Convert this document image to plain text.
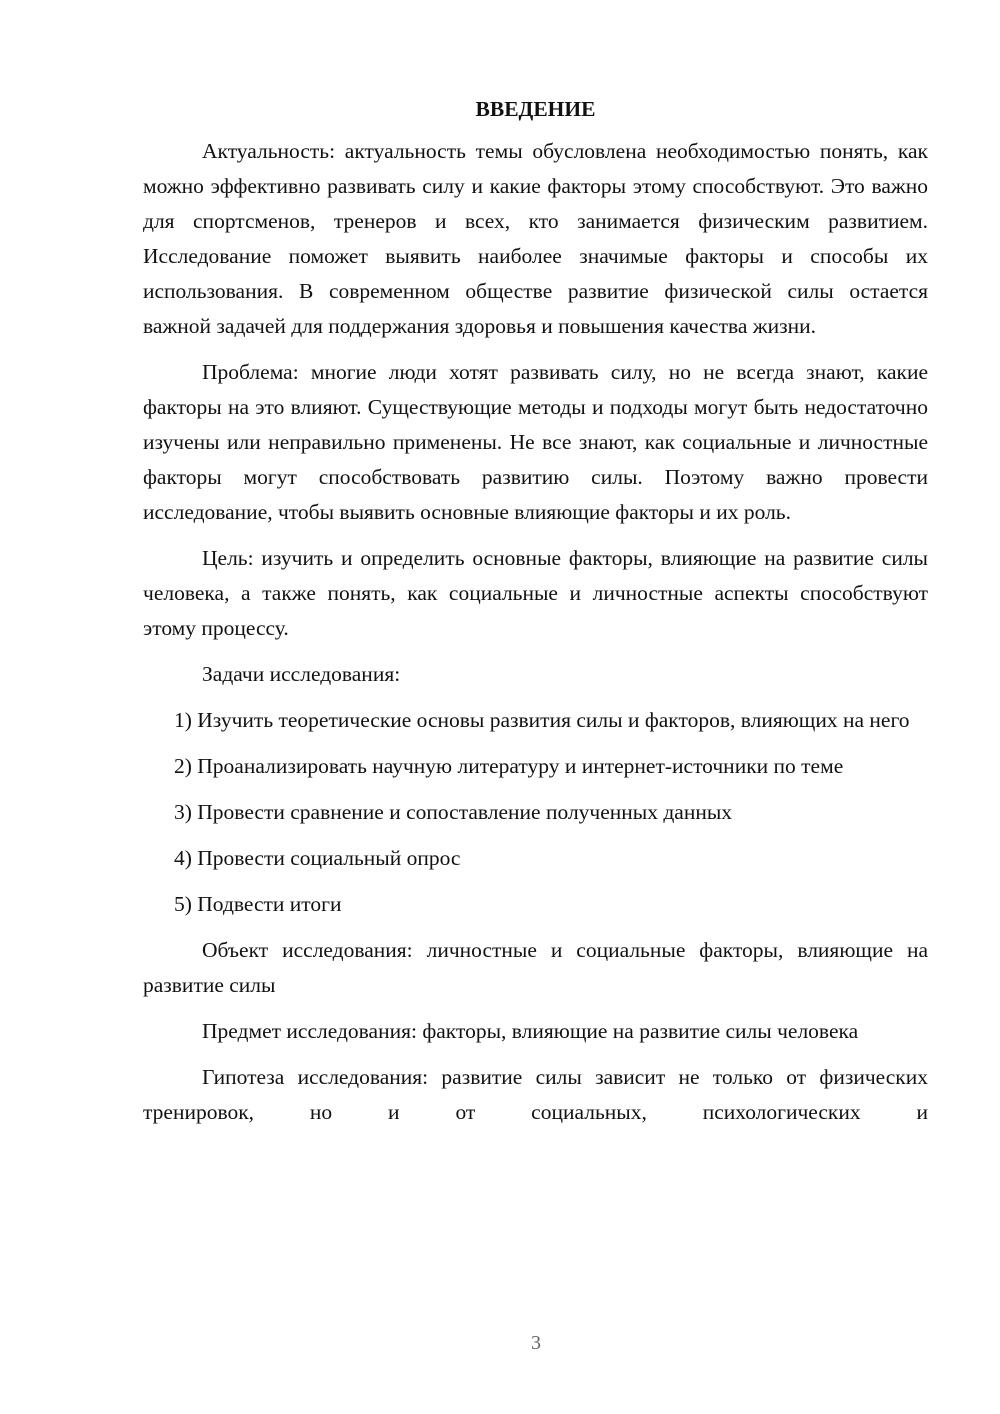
ВВЕДЕНИЕ

Актуальность: актуальность темы обусловлена необходимостью понять, как можно эффективно развивать силу и какие факторы этому способствуют. Это важно для спортсменов, тренеров и всех, кто занимается физическим развитием. Исследование поможет выявить наиболее значимые факторы и способы их использования. В современном обществе развитие физической силы остается важной задачей для поддержания здоровья и повышения качества жизни.

Проблема: многие люди хотят развивать силу, но не всегда знают, какие факторы на это влияют. Существующие методы и подходы могут быть недостаточно изучены или неправильно применены. Не все знают, как социальные и личностные факторы могут способствовать развитию силы. Поэтому важно провести исследование, чтобы выявить основные влияющие факторы и их роль.

Цель: изучить и определить основные факторы, влияющие на развитие силы человека, а также понять, как социальные и личностные аспекты способствуют этому процессу.

Задачи исследования:

1) Изучить теоретические основы развития силы и факторов, влияющих на него

2) Проанализировать научную литературу и интернет-источники по теме

3) Провести сравнение и сопоставление полученных данных

4) Провести социальный опрос

5) Подвести итоги

Объект исследования: личностные и социальные факторы, влияющие на развитие силы

Предмет исследования: факторы, влияющие на развитие силы человека

Гипотеза исследования: развитие силы зависит не только от физических тренировок, но и от социальных, психологических и

3
